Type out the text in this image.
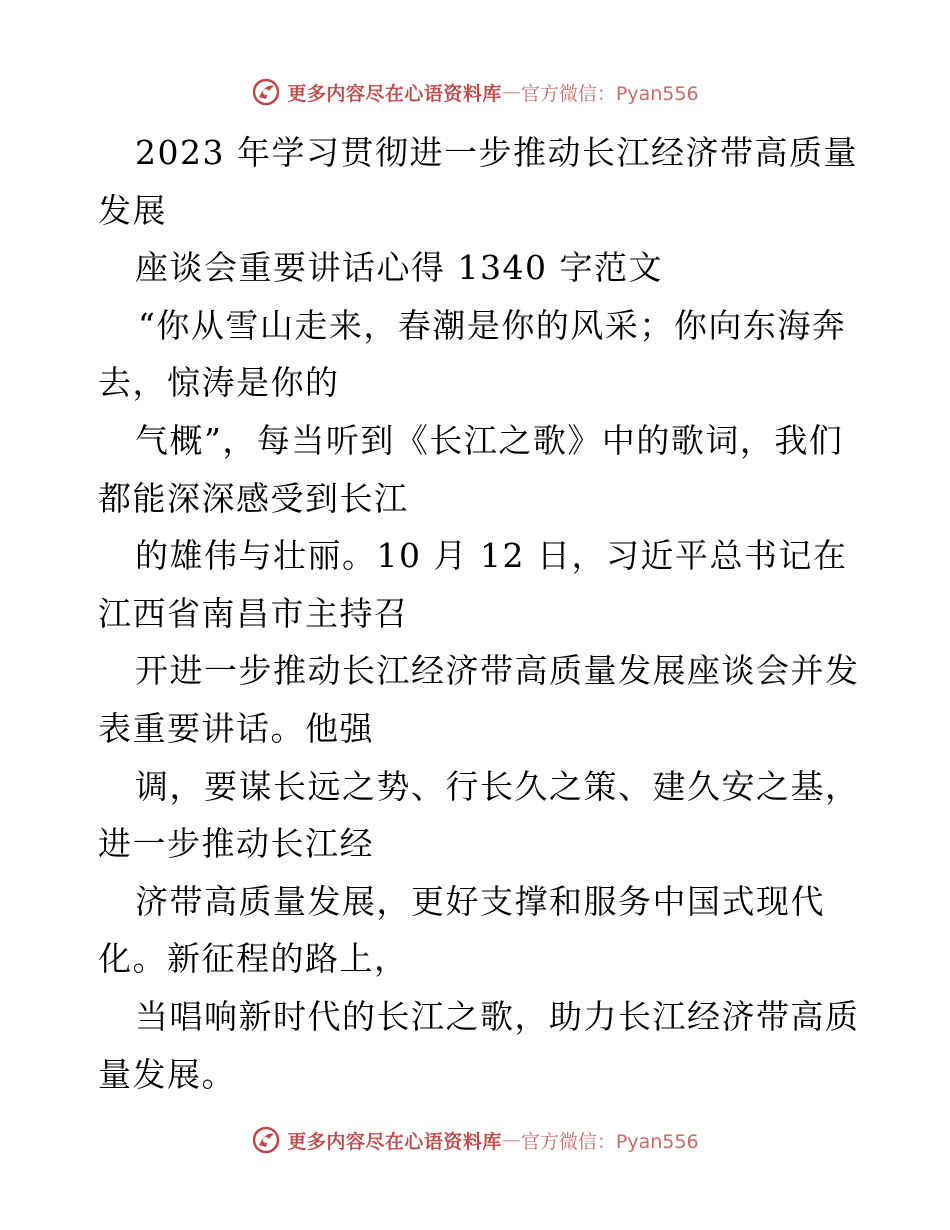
更多内容尽在心语资料库 — 官方微信：Pyan556
2023 年学习贯彻进一步推动长江经济带高质量
发展
座谈会重要讲话心得 1340 字范文
“你从雪山走来，春潮是你的风采；你向东海奔
去，惊涛是你的
气概”，每当听到《长江之歌》中的歌词，我们
都能深深感受到长江
的雄伟与壮丽。10 月 12 日，习近平总书记在
江西省南昌市主持召
开进一步推动长江经济带高质量发展座谈会并发
表重要讲话。他强
调，要谋长远之势、行长久之策、建久安之基，
进一步推动长江经
济带高质量发展，更好支撑和服务中国式现代
化。新征程的路上，
当唱响新时代的长江之歌，助力长江经济带高质
量发展。
更多内容尽在心语资料库 — 官方微信：Pyan556
